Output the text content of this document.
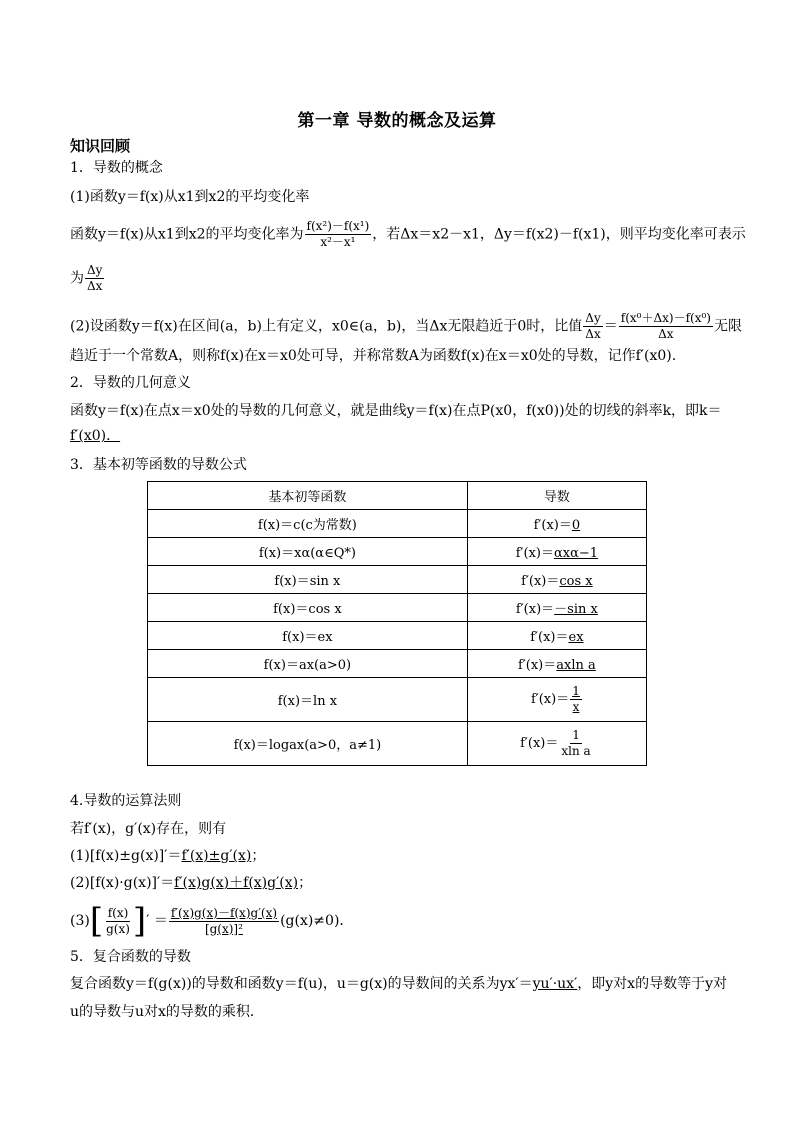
第一章 导数的概念及运算
知识回顾
1．导数的概念
(1)函数y＝f(x)从x1到x2的平均变化率
函数y＝f(x)从x1到x2的平均变化率为 $\frac{\text{f(x²)－f(x¹)}}{\text{x²－x¹}}$ ，若Δx＝x2－x1，Δy＝f(x2)－f(x1)，则平均变化率可表示
为 $\frac{\Delta y}{\Delta x}$
(2)设函数y＝f(x)在区间(a，b)上有定义，x0∈(a，b)，当Δx无限趋近于0时，比值 $\frac{\Delta y}{\Delta x} = \frac{\text{f(x⁰＋Δx)－f(x⁰)}}{\Delta x}$ 无限
趋近于一个常数A，则称f(x)在x＝x0处可导，并称常数A为函数f(x)在x＝x0处的导数，记作f′(x0).
2．导数的几何意义
函数y＝f(x)在点x＝x0处的导数的几何意义，就是曲线y＝f(x)在点P(x0，f(x0))处的切线的斜率k，即k＝
f′(x0)．
3．基本初等函数的导数公式
基本初等函数	导数
f(x)＝c(c为常数)	f′(x)＝0
f(x)＝xα(α∈Q*)	f′(x)＝αxα−1
f(x)＝sin x	f′(x)＝cos x
f(x)＝cos x	f′(x)＝－sin x
f(x)＝ex	f′(x)＝ex
f(x)＝ax(a>0)	f′(x)＝axln a
f(x)＝ln x	$f'(x)= \frac{1}{x}$

f(x)＝logax(a>0，a≠1)	$f'(x)= \frac{1}{\text{xln a}}$
4.导数的运算法则
若f′(x)，g′(x)存在，则有
(1)[f(x)±g(x)]′＝f′(x)±g′(x)；
(2)[f(x)·g(x)]′＝f′(x)g(x)＋f(x)g′(x)；
(3) [ $\frac{f(x)}{g(x)}$ ] ′ ＝ $\frac{f'(x)g(x)-f(x)g'(x)}{\text{[g(x)]²}} (g(x)\ne 0)$．
5．复合函数的导数
复合函数y＝f(g(x))的导数和函数y＝f(u)，u＝g(x)的导数间的关系为yx′＝yu′·ux′，即y对x的导数等于y对
u的导数与u对x的导数的乘积．
